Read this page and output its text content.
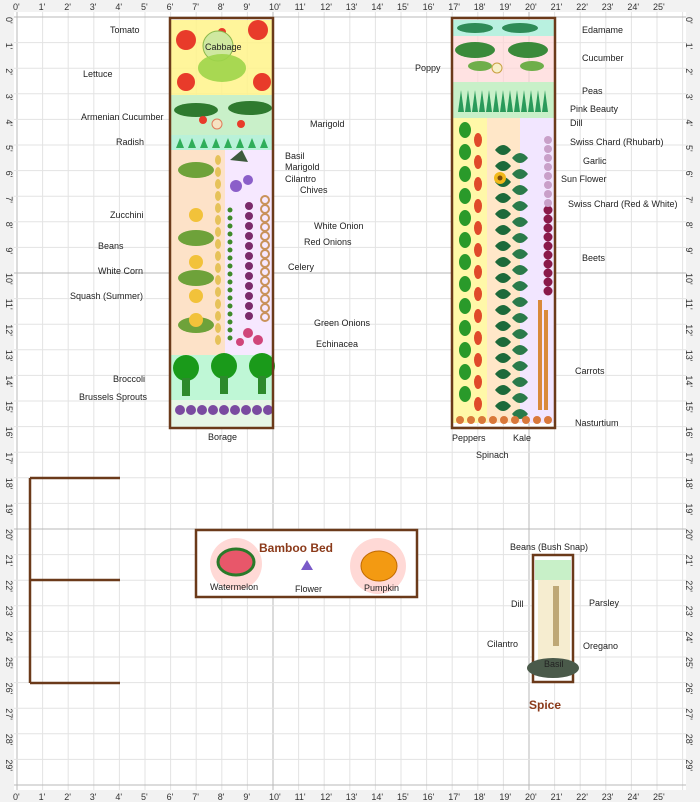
0'
0'
1'
1'
2'
2'
3'
3'
4'
4'
5'
5'
6'
6'
7'
7'
8'
8'
9'
9'
10'
10'
11'
11'
12'
12'
13'
13'
14'
14'
15'
15'
16'
16'
17'
17'
18'
18'
19'
19'
20'
20'
21'
21'
22'
22'
23'
23'
24'
24'
25'
25'
0'	0'
1'	1'
2'	2'
3'	3'
4'	4'
5'	5'
6'	6'
7'	7'
8'	8'
9'	9'
10'	10'
11'	11'
12'	12'
13'	13'
14'	14'
15'	15'
16'	16'
17'	17'
18'	18'
19'	19'
20'	20'
21'	21'
22'	22'
23'	23'
24'	24'
25'	25'
26'	26'
27'	27'
28'	28'
29'	29'
Cabbage
Tomato
Lettuce
Armenian Cucumber
Radish
Zucchini
Beans
White Corn
Squash (Summer)
Broccoli
Brussels Sprouts
Marigold
Basil
Marigold
Cilantro
Chives
White Onion
Red Onions
Celery
Green Onions
Echinacea
Borage
Poppy
Edamame
Cucumber
Peas
Pink Beauty
Dill
Swiss Chard (Rhubarb)
Garlic
Sun Flower
Swiss Chard (Red & White)
Beets
Carrots
Nasturtium
Peppers	Kale
Spinach
Bamboo Bed
Watermelon	Flower	Pumpkin
Beans (Bush Snap)
Dill	Parsley
Cilantro	Oregano
Basil
Spice
